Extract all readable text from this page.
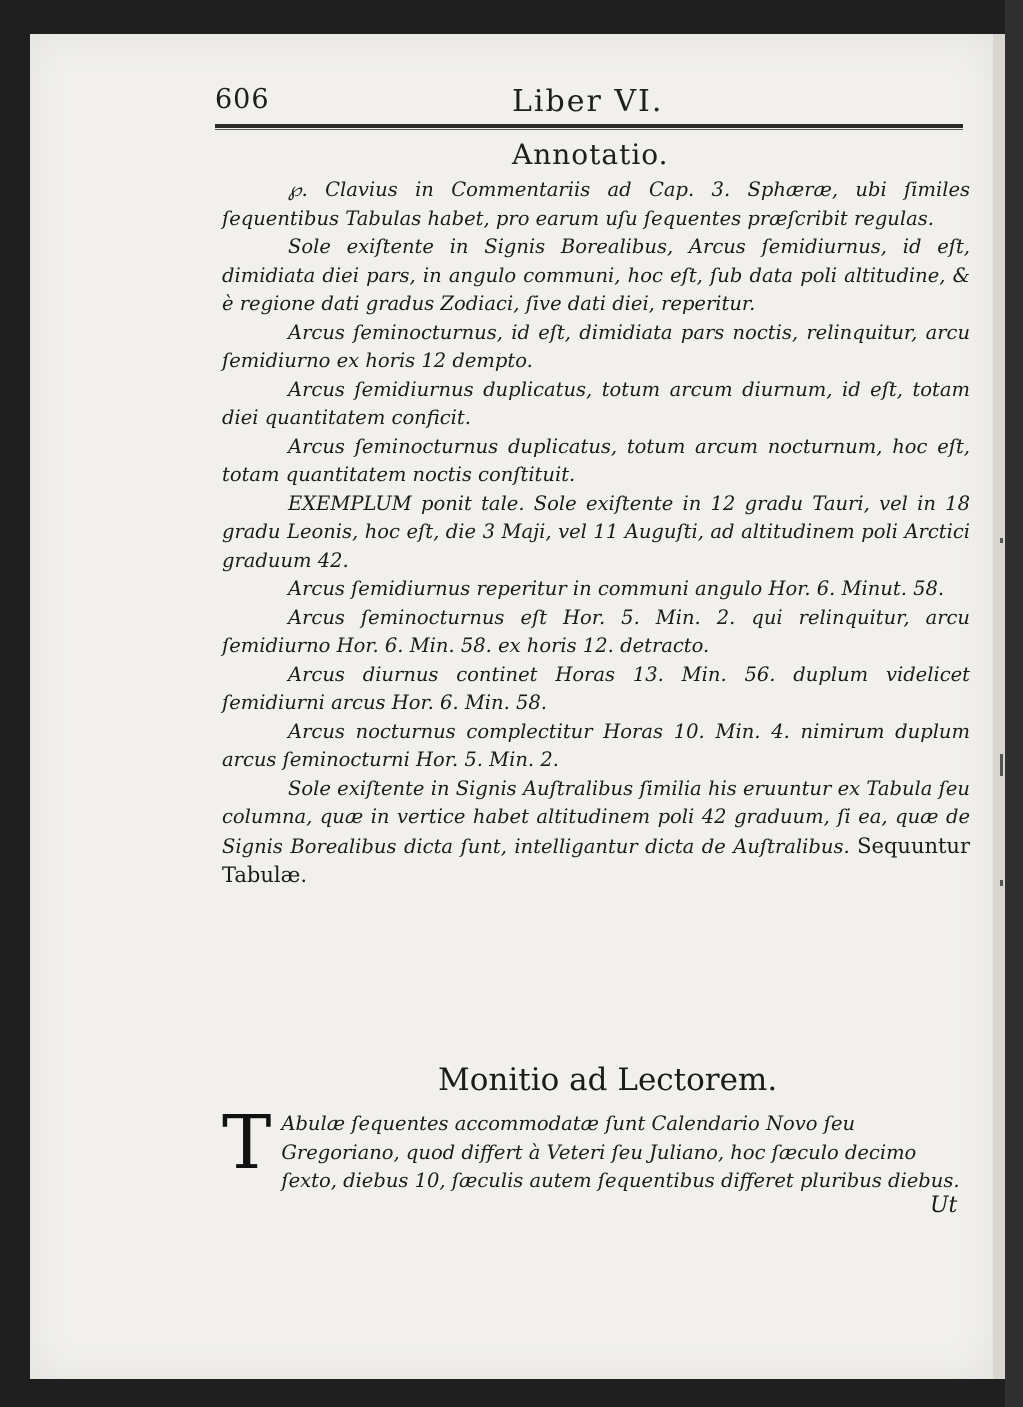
606	Liber VI.
Annotatio.

℘. Clavius in Commentariis ad Cap. 3. Sphæræ, ubi ſimiles ſequentibus Tabulas habet, pro earum uſu ſequentes præſcribit regulas.

Sole exiſtente in Signis Borealibus, Arcus ſemidiurnus, id eſt, dimidiata diei pars, in angulo communi, hoc eſt, ſub data poli altitudine, & è regione dati gradus Zodiaci, ſive dati diei, reperitur.

Arcus ſeminocturnus, id eſt, dimidiata pars noctis, relinquitur, arcu ſemidiurno ex horis 12 dempto.

Arcus ſemidiurnus duplicatus, totum arcum diurnum, id eſt, totam diei quantitatem conficit.

Arcus ſeminocturnus duplicatus, totum arcum nocturnum, hoc eſt, totam quantitatem noctis conſtituit.

EXEMPLUM ponit tale. Sole exiſtente in 12 gradu Tauri, vel in 18 gradu Leonis, hoc eſt, die 3 Maji, vel 11 Auguſti, ad altitudinem poli Arctici graduum 42.

Arcus ſemidiurnus reperitur in communi angulo Hor. 6. Minut. 58.

Arcus ſeminocturnus eſt Hor. 5. Min. 2. qui relinquitur, arcu ſemidiurno Hor. 6. Min. 58. ex horis 12. detracto.

Arcus diurnus continet Horas 13. Min. 56. duplum videlicet ſemidiurni arcus Hor. 6. Min. 58.

Arcus nocturnus complectitur Horas 10. Min. 4. nimirum duplum arcus ſeminocturni Hor. 5. Min. 2.

Sole exiſtente in Signis Auſtralibus ſimilia his eruuntur ex Tabula ſeu columna, quæ in vertice habet altitudinem poli 42 graduum, ſi ea, quæ de Signis Borealibus dicta ſunt, intelligantur dicta de Auſtralibus. Sequuntur Tabulæ.

Monitio ad Lectorem.
T Abulæ ſequentes accommodatæ ſunt Calendario Novo ſeu Gregoriano, quod differt à Veteri ſeu Juliano, hoc ſæculo decimo ſexto, diebus 10, ſæculis autem ſequentibus differet pluribus diebus.
Ut
